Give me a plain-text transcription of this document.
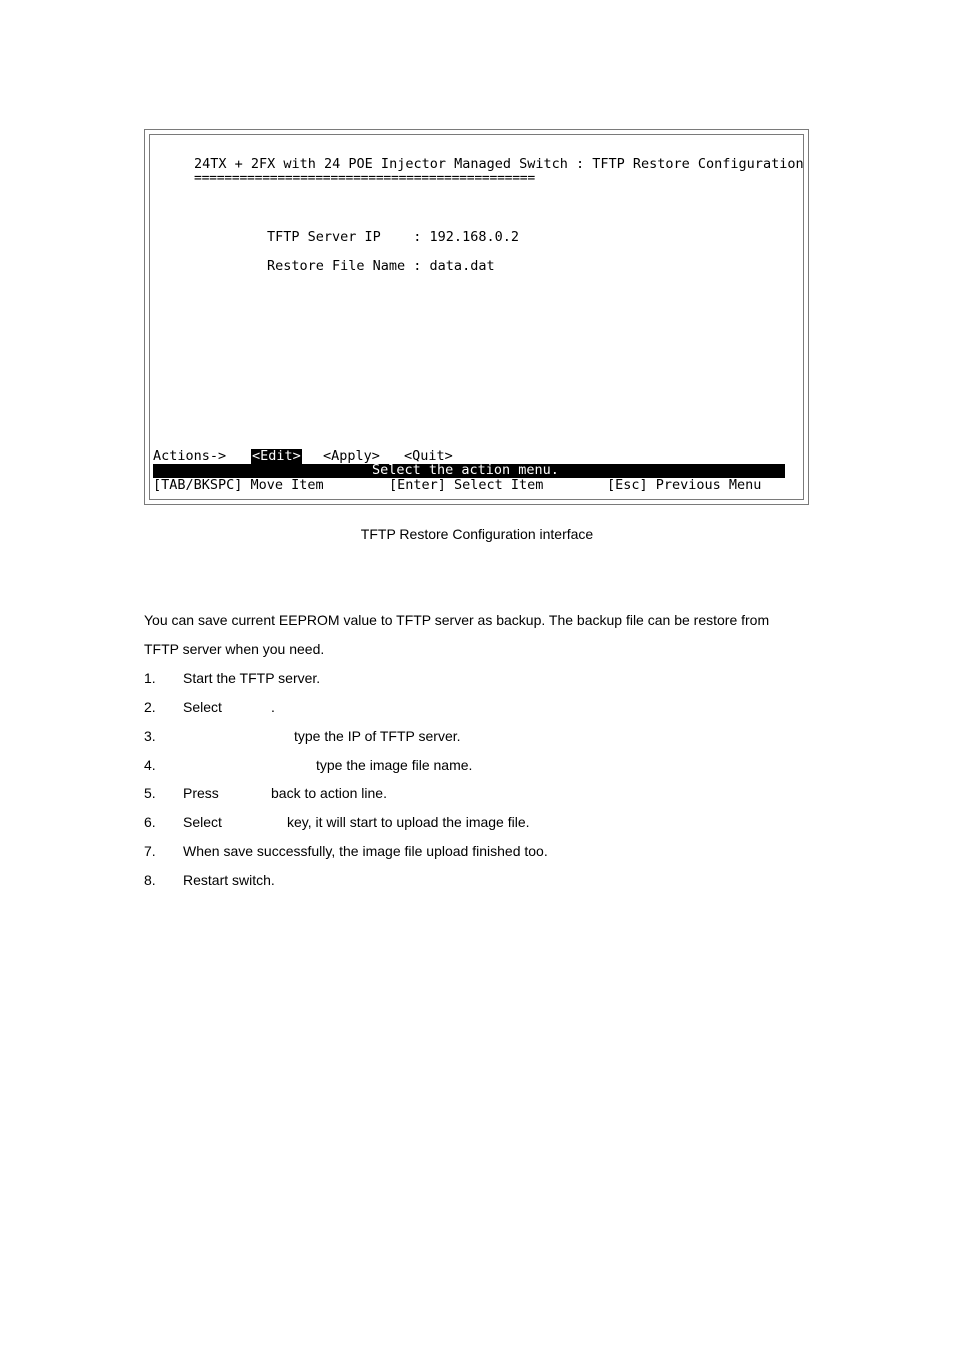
24TX + 2FX with 24 POE Injector Managed Switch : TFTP Restore Configuration
=============================================
TFTP Server IP    : 192.168.0.2
Restore File Name : data.dat
Actions-> <Edit> <Apply> <Quit>
Select the action menu.
[TAB/BKSPC] Move Item	[Enter] Select Item	[Esc] Previous Menu
TFTP Restore Configuration interface
You can save current EEPROM value to TFTP server as backup. The backup file can be restore from
TFTP server when you need.
1. Start the TFTP server.
2. Select	.
3.	type the IP of TFTP server.
4.	type the image file name.
5. Press	back to action line.
6. Select	key, it will start to upload the image file.
7. When save successfully, the image file upload finished too.
8. Restart switch.
